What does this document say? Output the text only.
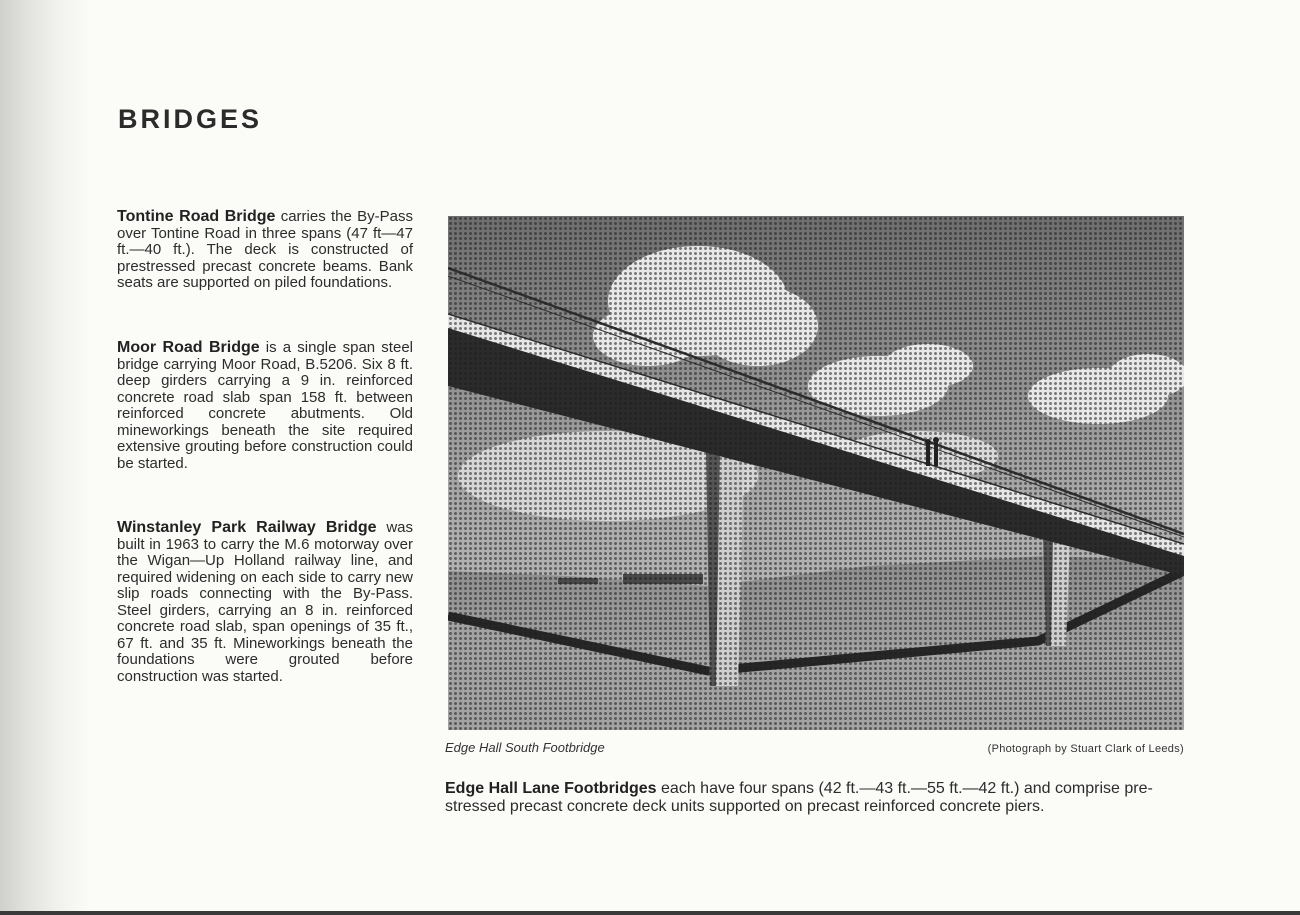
BRIDGES

Tontine Road Bridge carries the By-Pass over Tontine Road in three spans (47 ft—47 ft.—40 ft.). The deck is constructed of prestressed precast concrete beams. Bank seats are supported on piled foundations.

Moor Road Bridge is a single span steel bridge carrying Moor Road, B.5206. Six 8 ft. deep girders carrying a 9 in. reinforced concrete road slab span 158 ft. between reinforced concrete abutments. Old mineworkings beneath the site required extensive grouting before construction could be started.

Winstanley Park Railway Bridge was built in 1963 to carry the M.6 motorway over the Wigan—Up Holland railway line, and required widening on each side to carry new slip roads connecting with the By-Pass. Steel girders, carrying an 8 in. reinforced concrete road slab, span openings of 35 ft., 67 ft. and 35 ft. Mineworkings beneath the foundations were grouted before construction was started.

Edge Hall South Footbridge	(Photograph by Stuart Clark of Leeds)

Edge Hall Lane Footbridges each have four spans (42 ft.—43 ft.—55 ft.—42 ft.) and comprise pre-stressed precast concrete deck units supported on precast reinforced concrete piers.
